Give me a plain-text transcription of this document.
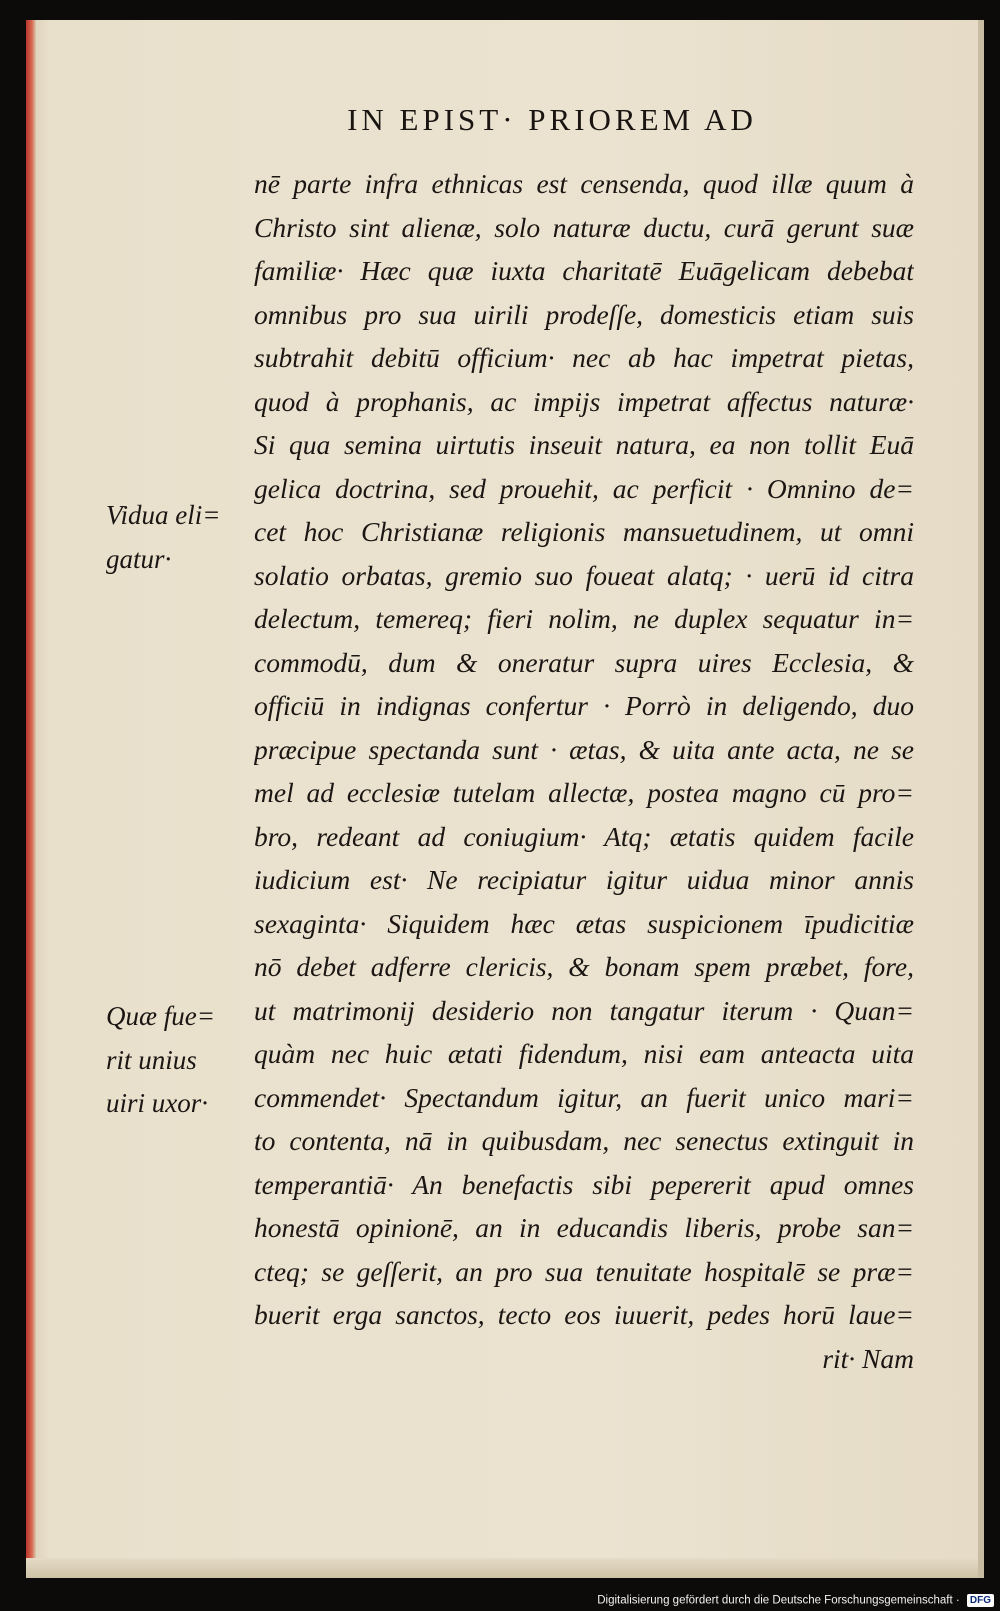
IN EPIST· PRIOREM AD
Vidua eli=
gatur·
Quæ fue=
rit unius
uiri uxor·
nē parte infra ethnicas est censenda, quod illæ quum à
Christo sint alienæ, solo naturæ ductu, curā gerunt suæ
familiæ· Hæc quæ iuxta charitatē Euāgelicam debebat
omnibus pro sua uirili prodeſſe, domesticis etiam suis
subtrahit debitū officium· nec ab hac impetrat pietas,
quod à prophanis, ac impijs impetrat affectus naturæ·
Si qua semina uirtutis inseuit natura, ea non tollit Euā
gelica doctrina, sed prouehit, ac perficit · Omnino de=
cet hoc Christianæ religionis mansuetudinem, ut omni
solatio orbatas, gremio suo foueat alatq; · uerū id citra
delectum, temereq; fieri nolim, ne duplex sequatur in=
commodū, dum & oneratur supra uires Ecclesia, &
officiū in indignas confertur · Porrò in deligendo, duo
præcipue spectanda sunt · ætas, & uita ante acta, ne se
mel ad ecclesiæ tutelam allectæ, postea magno cū pro=
bro, redeant ad coniugium· Atq; ætatis quidem facile
iudicium est· Ne recipiatur igitur uidua minor annis
sexaginta· Siquidem hæc ætas suspicionem īpudicitiæ
nō debet adferre clericis, & bonam spem præbet, fore,
ut matrimonij desiderio non tangatur iterum · Quan=
quàm nec huic ætati fidendum, nisi eam anteacta uita
commendet· Spectandum igitur, an fuerit unico mari=
to contenta, nā in quibusdam, nec senectus extinguit in
temperantiā· An benefactis sibi pepererit apud omnes
honestā opinionē, an in educandis liberis, probe san=
cteq; se geſſerit, an pro sua tenuitate hospitalē se præ=
buerit erga sanctos, tecto eos iuuerit, pedes horū laue=
rit· Nam
Digitalisierung gefördert durch die Deutsche Forschungsgemeinschaft · DFG
